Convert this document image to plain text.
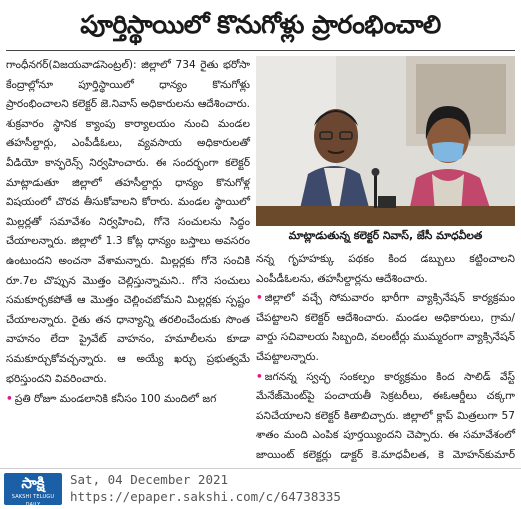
పూర్తిస్థాయిలో కొనుగోళ్లు ప్రారంభించాలి

గాంధీనగర్(విజయవాడసెంట్రల్): జిల్లాలో 734 రైతు భరోసా కేంద్రాల్లోనూ పూర్తిస్థాయిలో ధాన్యం కొనుగోళ్లు ప్రారంభించాలని కలెక్టర్ జె.నివాస్ అధికారులను ఆదేశించారు. శుక్రవారం స్థానిక క్యాంపు కార్యాలయం నుంచి మండల తహసీల్దార్లు, ఎంపీడీఓలు, వ్యవసాయ అధికారులతో వీడియో కాన్ఫరెన్స్ నిర్వహించారు. ఈ సందర్భంగా కలెక్టర్ మాట్లాడుతూ జిల్లాలో తహసీల్దార్లు ధాన్యం కొనుగోళ్ల విషయంలో చొరవ తీసుకోవాలని కోరారు. మండల స్థాయిలో మిల్లర్లతో సమావేశం నిర్వహించి, గోనె సంచులను సిద్ధం చేయాలన్నారు. జిల్లాలో 1.3 కోట్ల ధాన్యం బస్తాలు అవసరం ఉంటుందని అంచనా వేశామన్నారు. మిల్లర్లకు గోనె సంచికి రూ.7ల చొప్పున మొత్తం చెల్లిస్తున్నామని.. గోనె సంచులు సమకూర్చకపోతే ఆ మొత్తం చెల్లించబోమని మిల్లర్లకు స్పష్టం చేయాలన్నారు. రైతు తన ధాన్యాన్ని తరలించేందుకు సొంత వాహనం లేదా ప్రైవేట్ వాహనం, హమాలీలను కూడా సమకూర్చుకోవచ్చన్నారు. ఆ అయ్యే ఖర్చు ప్రభుత్వమే భరిస్తుందని వివరించారు.

• ప్రతి రోజూ మండలానికి కనీసం 100 మందిలో జగ

మాట్లాడుతున్న కలెక్టర్ నివాస్, జేసీ మాధవీలత

నన్న గృహహక్కు పథకం కింద డబ్బులు కట్టించాలని ఎంపీడీఓలను, తహసీల్దార్లను ఆదేశించారు.

• జిల్లాలో వచ్చే సోమవారం భారీగా వ్యాక్సినేషన్ కార్యక్రమం చేపట్టాలని కలెక్టర్ ఆదేశించారు. మండల అధికారులు, గ్రామ/వార్డు సచివాలయ సిబ్బంది, వలంటీర్లు ముమ్మరంగా వ్యాక్సినేషన్ చేపట్టాలన్నారు.

• జగనన్న స్వచ్ఛ సంకల్పం కార్యక్రమం కింద సాలిడ్ వేస్ట్ మేనేజ్‌మెంట్‌పై పంచాయతీ సెక్రటరీలు, ఈఓఆర్డీలు చక్కగా పనిచేయాలని కలెక్టర్ కితాబిచ్చారు. జిల్లాలో క్లాప్ మిత్రలుగా 57 శాతం మంది ఎంపిక పూర్తయ్యిందని చెప్పారు. ఈ సమావేశంలో జాయింట్ కలెక్టర్లు డాక్టర్ కె.మాధవీలత, కె మోహన్‌కుమార్

సాక్షి
SAKSHI TELUGU DAILY
Sat, 04 December 2021
https://epaper.sakshi.com/c/64738335
